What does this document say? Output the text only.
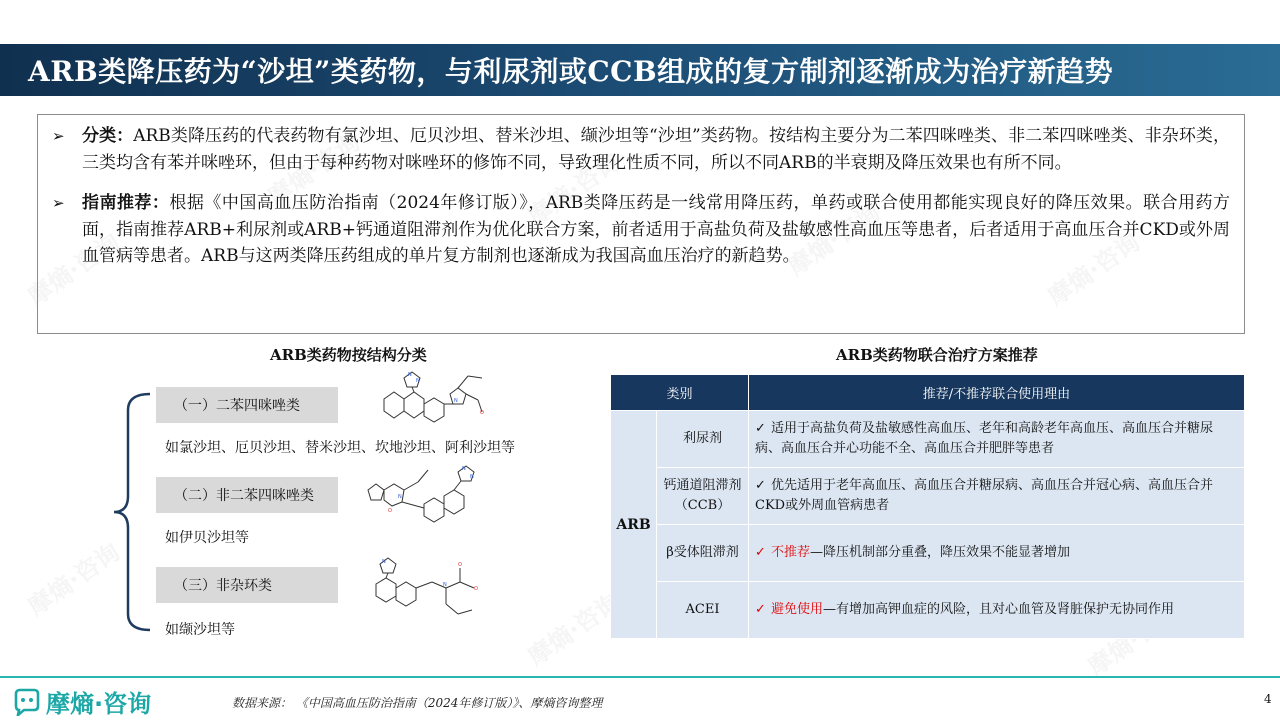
摩熵·咨询
摩熵·咨询	摩熵·咨询
摩熵·咨询	摩熵·咨询
摩熵·咨询
摩熵·咨询	摩熵·咨询
ARB类降压药为“沙坦”类药物，与利尿剂或CCB组成的复方制剂逐渐成为治疗新趋势

➢ 分类：ARB类降压药的代表药物有氯沙坦、厄贝沙坦、替米沙坦、缬沙坦等“沙坦”类药物。按结构主要分为二苯四咪唑类、非二苯四咪唑类、非杂环类，三类均含有苯并咪唑环，但由于每种药物对咪唑环的修饰不同，导致理化性质不同，所以不同ARB的半衰期及降压效果也有所不同。

➢ 指南推荐：根据《中国高血压防治指南（2024年修订版）》，ARB类降压药是一线常用降压药，单药或联合使用都能实现良好的降压效果。联合用药方面，指南推荐ARB+利尿剂或ARB+钙通道阻滞剂作为优化联合方案，前者适用于高盐负荷及盐敏感性高血压等患者，后者适用于高血压合并CKD或外周血管病等患者。ARB与这两类降压药组成的单片复方制剂也逐渐成为我国高血压治疗的新趋势。

ARB类药物按结构分类
（一）二苯四咪唑类
如氯沙坦、厄贝沙坦、替米沙坦、坎地沙坦、阿利沙坦等
（二）非二苯四咪唑类
如伊贝沙坦等
（三）非杂环类
如缬沙坦等
N
N
N
O
N
N
N
O
N
N
O
O
ARB类药物联合治疗方案推荐
类别		推荐/不推荐联合使用理由
ARB	利尿剂	✓ 适用于高盐负荷及盐敏感性高血压、老年和高龄老年高血压、高血压合并糖尿病、高血压合并心功能不全、高血压合并肥胖等患者
	钙通道阻滞剂（CCB）	✓ 优先适用于老年高血压、高血压合并糖尿病、高血压合并冠心病、高血压合并CKD或外周血管病患者
	β受体阻滞剂	✓ 不推荐—降压机制部分重叠，降压效果不能显著增加
	ACEI	✓ 避免使用—有增加高钾血症的风险，且对心血管及肾脏保护无协同作用
摩熵·咨询	数据来源： 《中国高血压防治指南（2024年修订版）》、摩熵咨询整理	4
